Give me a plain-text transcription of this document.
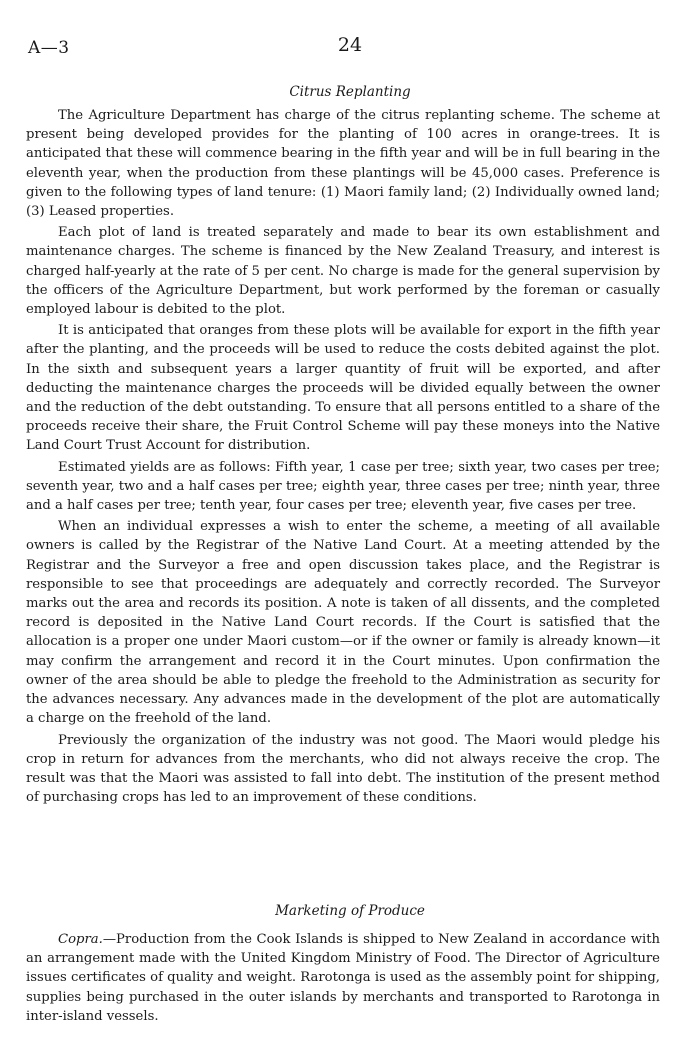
A—3	24
Citrus Replanting

The Agriculture Department has charge of the citrus replanting scheme. The scheme at present being developed provides for the planting of 100 acres in orange-trees. It is anticipated that these will commence bearing in the fifth year and will be in full bearing in the eleventh year, when the production from these plantings will be 45,000 cases. Preference is given to the following types of land tenure: (1) Maori family land; (2) Individually owned land; (3) Leased properties.

Each plot of land is treated separately and made to bear its own establishment and maintenance charges. The scheme is financed by the New Zealand Treasury, and interest is charged half-yearly at the rate of 5 per cent. No charge is made for the general supervision by the officers of the Agriculture Department, but work performed by the foreman or casually employed labour is debited to the plot.

It is anticipated that oranges from these plots will be available for export in the fifth year after the planting, and the proceeds will be used to reduce the costs debited against the plot. In the sixth and subsequent years a larger quantity of fruit will be exported, and after deducting the maintenance charges the proceeds will be divided equally between the owner and the reduction of the debt outstanding. To ensure that all persons entitled to a share of the proceeds receive their share, the Fruit Control Scheme will pay these moneys into the Native Land Court Trust Account for distribution.

Estimated yields are as follows: Fifth year, 1 case per tree; sixth year, two cases per tree; seventh year, two and a half cases per tree; eighth year, three cases per tree; ninth year, three and a half cases per tree; tenth year, four cases per tree; eleventh year, five cases per tree.

When an individual expresses a wish to enter the scheme, a meeting of all available owners is called by the Registrar of the Native Land Court. At a meeting attended by the Registrar and the Surveyor a free and open discussion takes place, and the Registrar is responsible to see that proceedings are adequately and correctly recorded. The Surveyor marks out the area and records its position. A note is taken of all dissents, and the completed record is deposited in the Native Land Court records. If the Court is satisfied that the allocation is a proper one under Maori custom—or if the owner or family is already known—it may confirm the arrangement and record it in the Court minutes. Upon confirmation the owner of the area should be able to pledge the freehold to the Administration as security for the advances necessary. Any advances made in the development of the plot are automatically a charge on the freehold of the land.

Previously the organization of the industry was not good. The Maori would pledge his crop in return for advances from the merchants, who did not always receive the crop. The result was that the Maori was assisted to fall into debt. The institution of the present method of purchasing crops has led to an improvement of these conditions.

Marketing of Produce

Copra.—Production from the Cook Islands is shipped to New Zealand in accordance with an arrangement made with the United Kingdom Ministry of Food. The Director of Agriculture issues certificates of quality and weight. Rarotonga is used as the assembly point for shipping, supplies being purchased in the outer islands by merchants and transported to Rarotonga in inter-island vessels.
